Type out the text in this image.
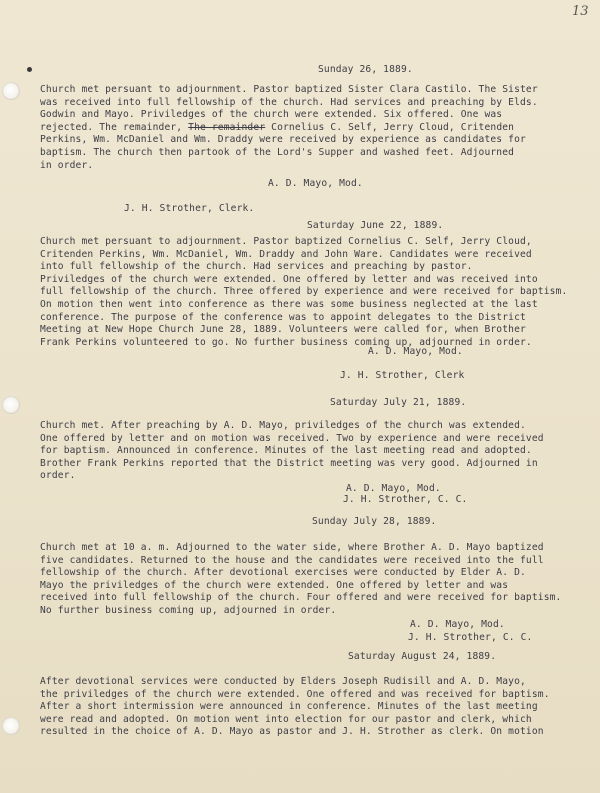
13
Sunday 26, 1889.
Church met persuant to adjournment. Pastor baptized Sister Clara Castilo. The Sister
was received into full fellowship of the church. Had services and preaching by Elds.
Godwin and Mayo. Priviledges of the church were extended. Six offered. One was
rejected. The remainder, The remainder Cornelius C. Self, Jerry Cloud, Critenden
Perkins, Wm. McDaniel and Wm. Draddy were received by experience as candidates for
baptism. The church then partook of the Lord's Supper and washed feet. Adjourned
in order.
A. D. Mayo, Mod.
J. H. Strother, Clerk.
Saturday June 22, 1889.
Church met persuant to adjournment. Pastor baptized Cornelius C. Self, Jerry Cloud,
Critenden Perkins, Wm. McDaniel, Wm. Draddy and John Ware. Candidates were received
into full fellowship of the church. Had services and preaching by pastor.
Priviledges of the church were extended. One offered by letter and was received into
full fellowship of the church. Three offered by experience and were received for baptism.
On motion then went into conference as there was some business neglected at the last
conference. The purpose of the conference was to appoint delegates to the District
Meeting at New Hope Church June 28, 1889. Volunteers were called for, when Brother
Frank Perkins volunteered to go. No further business coming up, adjourned in order.
A. D. Mayo, Mod.
J. H. Strother, Clerk
Saturday July 21, 1889.
Church met. After preaching by A. D. Mayo, priviledges of the church was extended.
One offered by letter and on motion was received. Two by experience and were received
for baptism. Announced in conference. Minutes of the last meeting read and adopted.
Brother Frank Perkins reported that the District meeting was very good. Adjourned in
order.
A. D. Mayo, Mod.
J. H. Strother, C. C.
Sunday July 28, 1889.
Church met at 10 a. m. Adjourned to the water side, where Brother A. D. Mayo baptized
five candidates. Returned to the house and the candidates were received into the full
fellowship of the church. After devotional exercises were conducted by Elder A. D.
Mayo the priviledges of the church were extended. One offered by letter and was
received into full fellowship of the church. Four offered and were received for baptism.
No further business coming up, adjourned in order.
A. D. Mayo, Mod.
J. H. Strother, C. C.
Saturday August 24, 1889.
After devotional services were conducted by Elders Joseph Rudisill and A. D. Mayo,
the priviledges of the church were extended. One offered and was received for baptism.
After a short intermission were announced in conference. Minutes of the last meeting
were read and adopted. On motion went into election for our pastor and clerk, which
resulted in the choice of A. D. Mayo as pastor and J. H. Strother as clerk. On motion
